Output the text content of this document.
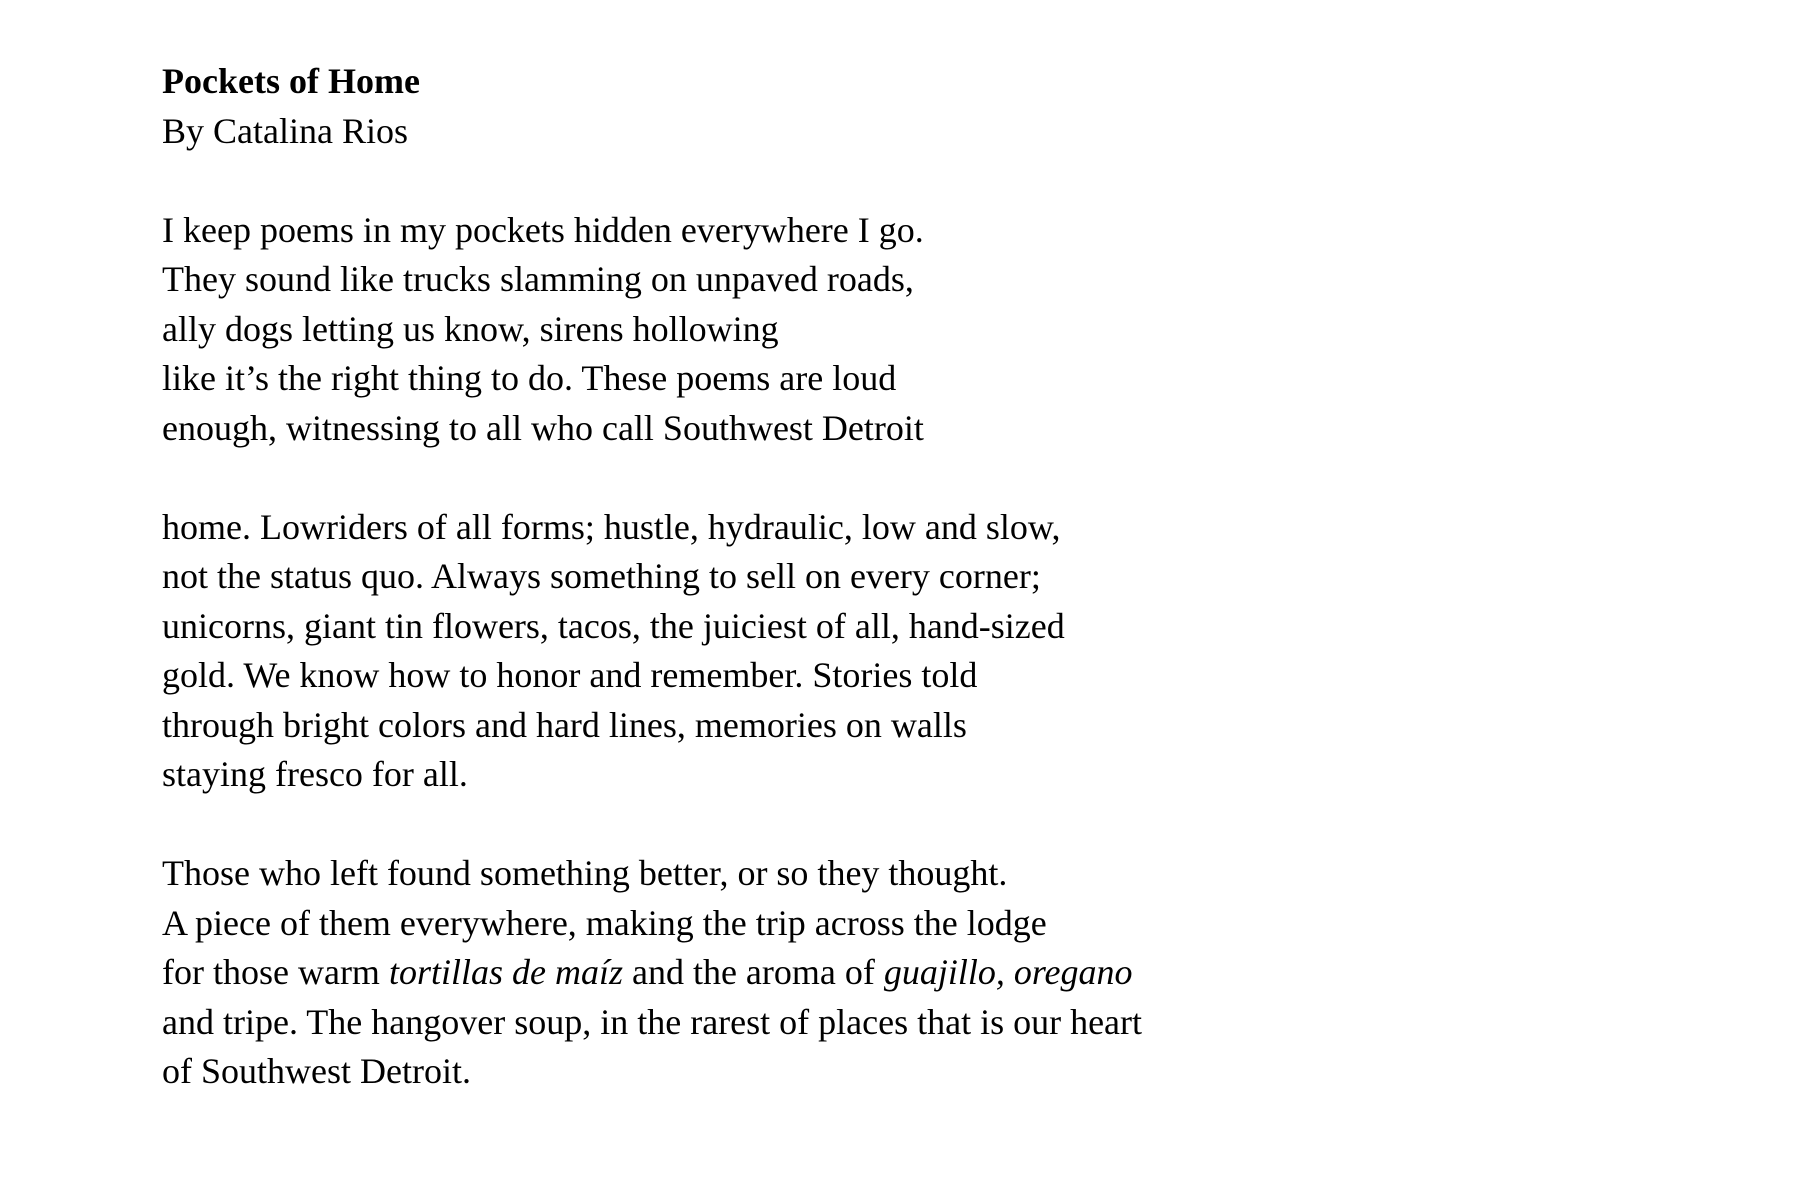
Pockets of Home
By Catalina Rios
I keep poems in my pockets hidden everywhere I go.
They sound like trucks slamming on unpaved roads,
ally dogs letting us know, sirens hollowing
like it’s the right thing to do. These poems are loud
enough, witnessing to all who call Southwest Detroit
home. Lowriders of all forms; hustle, hydraulic, low and slow,
not the status quo. Always something to sell on every corner;
unicorns, giant tin flowers, tacos, the juiciest of all, hand-sized
gold. We know how to honor and remember. Stories told
through bright colors and hard lines, memories on walls
staying fresco for all.
Those who left found something better, or so they thought.
A piece of them everywhere, making the trip across the lodge
for those warm tortillas de maíz and the aroma of guajillo, oregano
and tripe. The hangover soup, in the rarest of places that is our heart
of Southwest Detroit.
